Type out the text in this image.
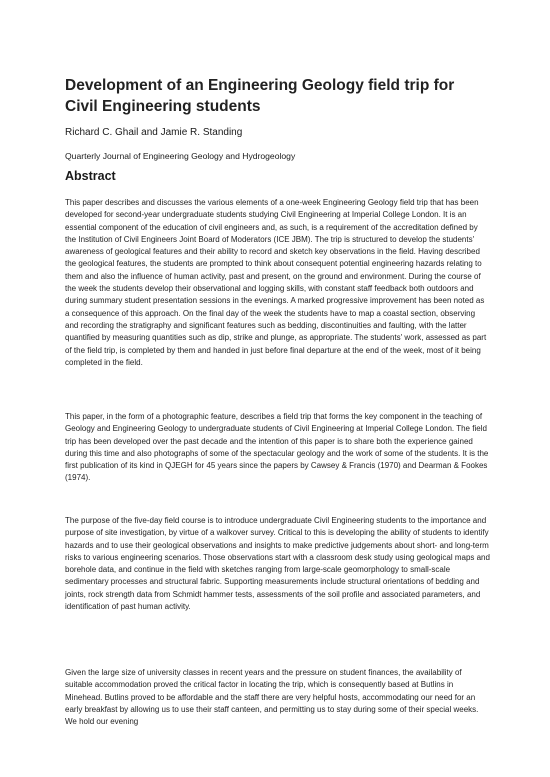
Development of an Engineering Geology field trip for Civil Engineering students

Richard C. Ghail and Jamie R. Standing

Quarterly Journal of Engineering Geology and Hydrogeology

Abstract

This paper describes and discusses the various elements of a one-week Engineering Geology field trip that has been developed for second-year undergraduate students studying Civil Engineering at Imperial College London. It is an essential component of the education of civil engineers and, as such, is a requirement of the accreditation defined by the Institution of Civil Engineers Joint Board of Moderators (ICE JBM). The trip is structured to develop the students' awareness of geological features and their ability to record and sketch key observations in the field. Having described the geological features, the students are prompted to think about consequent potential engineering hazards relating to them and also the influence of human activity, past and present, on the ground and environment. During the course of the week the students develop their observational and logging skills, with constant staff feedback both outdoors and during summary student presentation sessions in the evenings. A marked progressive improvement has been noted as a consequence of this approach. On the final day of the week the students have to map a coastal section, observing and recording the stratigraphy and significant features such as bedding, discontinuities and faulting, with the latter quantified by measuring quantities such as dip, strike and plunge, as appropriate. The students' work, assessed as part of the field trip, is completed by them and handed in just before final departure at the end of the week, most of it being completed in the field.

This paper, in the form of a photographic feature, describes a field trip that forms the key component in the teaching of Geology and Engineering Geology to undergraduate students of Civil Engineering at Imperial College London. The field trip has been developed over the past decade and the intention of this paper is to share both the experience gained during this time and also photographs of some of the spectacular geology and the work of some of the students. It is the first publication of its kind in QJEGH for 45 years since the papers by Cawsey & Francis (1970) and Dearman & Fookes (1974).

The purpose of the five-day field course is to introduce undergraduate Civil Engineering students to the importance and purpose of site investigation, by virtue of a walkover survey. Critical to this is developing the ability of students to identify hazards and to use their geological observations and insights to make predictive judgements about short- and long-term risks to various engineering scenarios. Those observations start with a classroom desk study using geological maps and borehole data, and continue in the field with sketches ranging from large-scale geomorphology to small-scale sedimentary processes and structural fabric. Supporting measurements include structural orientations of bedding and joints, rock strength data from Schmidt hammer tests, assessments of the soil profile and associated parameters, and identification of past human activity.

Given the large size of university classes in recent years and the pressure on student finances, the availability of suitable accommodation proved the critical factor in locating the trip, which is consequently based at Butlins in Minehead. Butlins proved to be affordable and the staff there are very helpful hosts, accommodating our need for an early breakfast by allowing us to use their staff canteen, and permitting us to stay during some of their special weeks. We hold our evening
